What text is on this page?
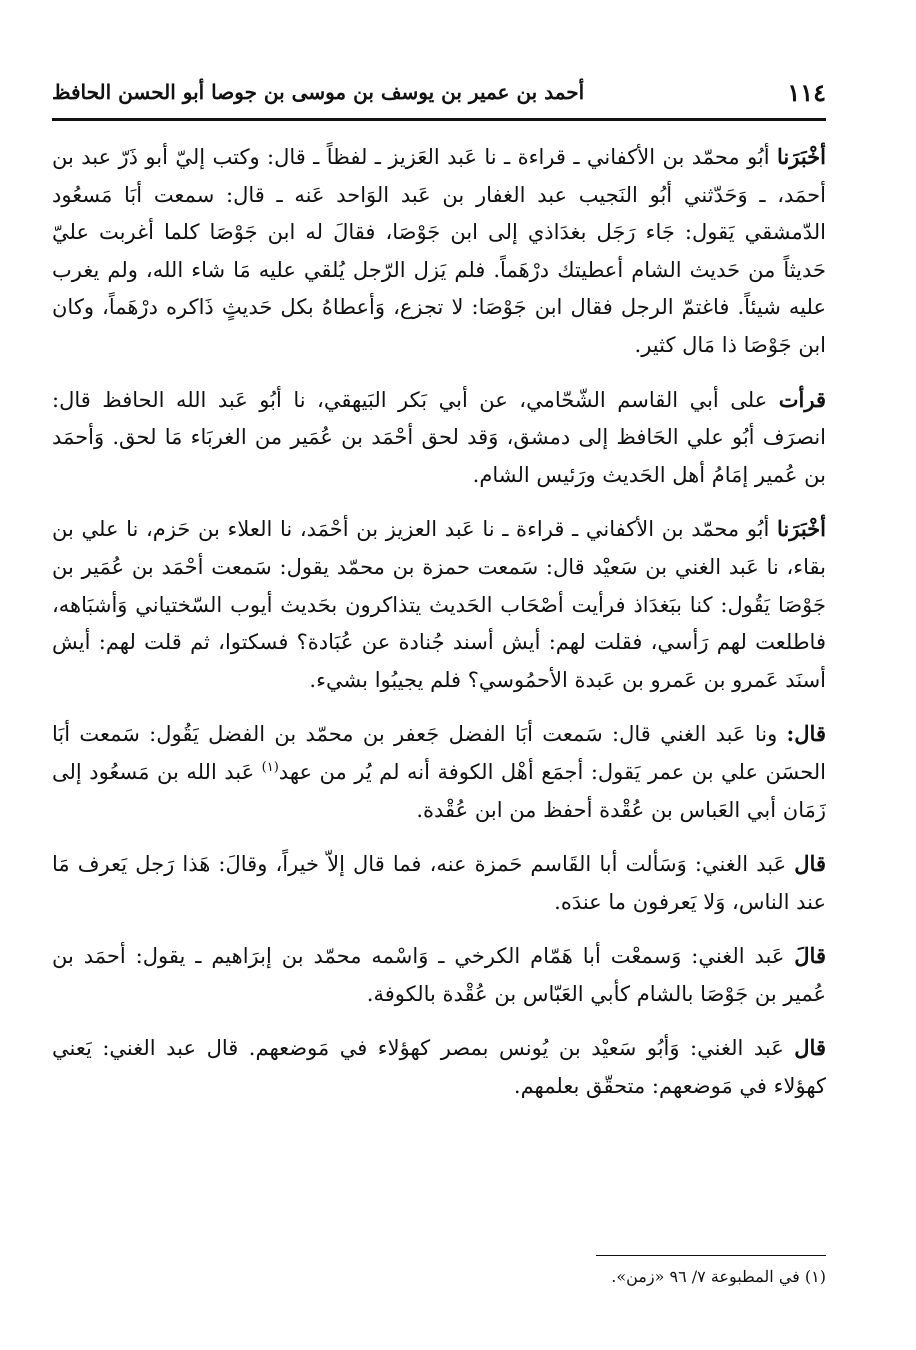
١١٤
أحمد بن عمير بن يوسف بن موسى بن جوصا أبو الحسن الحافظ

أخْبَرَنا أبُو محمّد بن الأكفاني ـ قراءة ـ نا عَبد العَزيز ـ لفظاً ـ قال: وكتب إليّ أبو ذَرّ عبد بن أحمَد، ـ وَحَدّثني أبُو النَجيب عبد الغفار بن عَبد الوَاحد عَنه ـ قال: سمعت أبَا مَسعُود الدّمشقي يَقول: جَاء رَجَل بغدَاذي إلى ابن جَوْصَا، فقالَ له ابن جَوْصَا كلما أغربت عليّ حَديثاً من حَديث الشام أعطيتك درْهَماً. فلم يَزل الرّجل يُلقي عليه مَا شاء الله، ولم يغرب عليه شيئاً. فاغتمّ الرجل فقال ابن جَوْصَا: لا تجزع، وَأعطاهُ بكل حَديثٍ ذَاكره درْهَماً، وكان ابن جَوْصَا ذا مَال كثير.

قرأت على أبي القاسم الشّحّامي، عن أبي بَكر البَيهقي، نا أبُو عَبد الله الحافظ قال: انصرَف أبُو علي الحَافظ إلى دمشق، وَقد لحق أحْمَد بن عُمَير من الغربَاء مَا لحق. وَأحمَد بن عُمير إمَامُ أهل الحَديث ورَئيس الشام.

أخْبَرَنا أبُو محمّد بن الأكفاني ـ قراءة ـ نا عَبد العزيز بن أحْمَد، نا العلاء بن حَزم، نا علي بن بقاء، نا عَبد الغني بن سَعيْد قال: سَمعت حمزة بن محمّد يقول: سَمعت أحْمَد بن عُمَير بن جَوْصَا يَقُول: كنا ببَغدَاذ فرأيت أصْحَاب الحَديث يتذاكرون بحَديث أيوب السّختياني وَأشبَاهه، فاطلعت لهم رَأسي، فقلت لهم: أيش أسند جُنادة عن عُبَادة؟ فسكتوا، ثم قلت لهم: أيش أسنَد عَمرو بن عَمرو بن عَبدة الأحمُوسي؟ فلم يجيبُوا بشيء.

قال: ونا عَبد الغني قال: سَمعت أبَا الفضل جَعفر بن محمّد بن الفضل يَقُول: سَمعت أبَا الحسَن علي بن عمر يَقول: أجمَع أهْل الكوفة أنه لم يُر من عهد$^{(١)}$ عَبد الله بن مَسعُود إلى زَمَان أبي العَباس بن عُقْدة أحفظ من ابن عُقْدة.

قال عَبد الغني: وَسَألت أبا القَاسم حَمزة عنه، فما قال إلاّ خيراً، وقالَ: هَذا رَجل يَعرف مَا عند الناس، وَلا يَعرفون ما عندَه.

قالَ عَبد الغني: وَسمعْت أبا هَمّام الكرخي ـ وَاسْمه محمّد بن إبرَاهيم ـ يقول: أحمَد بن عُمير بن جَوْصَا بالشام كأبي العَبّاس بن عُقْدة بالكوفة.

قال عَبد الغني: وَأبُو سَعيْد بن يُونس بمصر كهؤلاء في مَوضعهم. قال عبد الغني: يَعني كهؤلاء في مَوضعهم: متحقّق بعلمهم.

(١) في المطبوعة ٧/ ٩٦ «زمن».
